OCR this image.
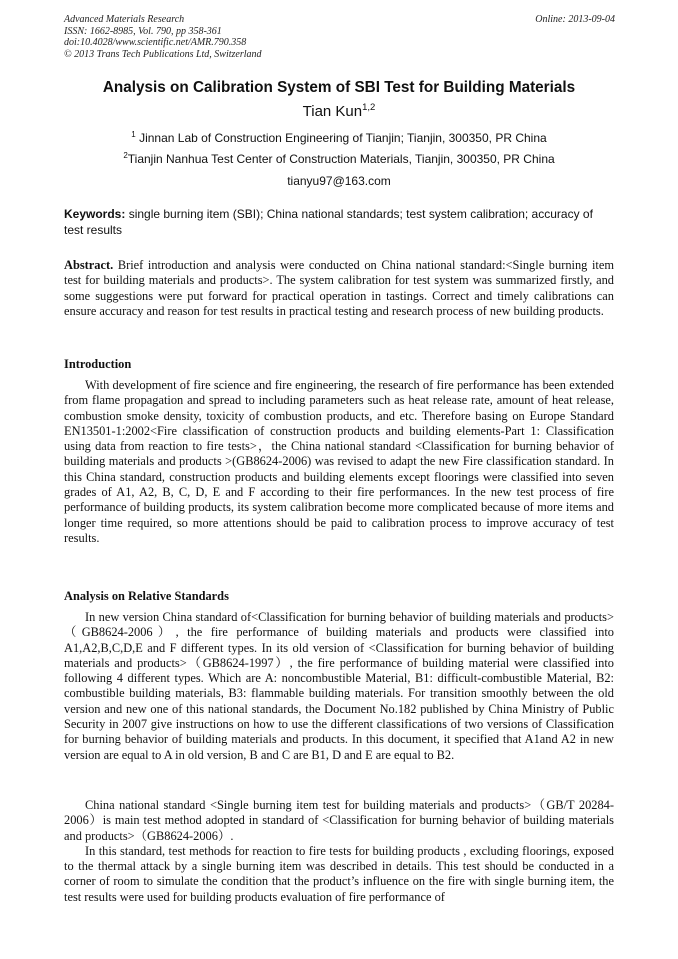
Advanced Materials Research
ISSN: 1662-8985, Vol. 790, pp 358-361
doi:10.4028/www.scientific.net/AMR.790.358
© 2013 Trans Tech Publications Ltd, Switzerland
Online: 2013-09-04
Analysis on Calibration System of SBI Test for Building Materials
Tian Kun$^{1,2}$
$^1$ Jinnan Lab of Construction Engineering of Tianjin; Tianjin, 300350, PR China
$^2$Tianjin Nanhua Test Center of Construction Materials, Tianjin, 300350, PR China
tianyu97@163.com
Keywords: single burning item (SBI); China national standards; test system calibration; accuracy of test results

Abstract. Brief introduction and analysis were conducted on China national standard:<Single burning item test for building materials and products>. The system calibration for test system was summarized firstly, and some suggestions were put forward for practical operation in tastings. Correct and timely calibrations can ensure accuracy and reason for test results in practical testing and research process of new building products.

Introduction

With development of fire science and fire engineering, the research of fire performance has been extended from flame propagation and spread to including parameters such as heat release rate, amount of heat release, combustion smoke density, toxicity of combustion products, and etc. Therefore basing on Europe Standard EN13501-1:2002<Fire classification of construction products and building elements-Part 1: Classification using data from reaction to fire tests>，the China national standard <Classification for burning behavior of building materials and products >(GB8624-2006) was revised to adapt the new Fire classification standard. In this China standard, construction products and building elements except floorings were classified into seven grades of A1, A2, B, C, D, E and F according to their fire performances. In the new test process of fire performance of building products, its system calibration become more complicated because of more items and longer time required, so more attentions should be paid to calibration process to improve accuracy of test results.

Analysis on Relative Standards

In new version China standard of<Classification for burning behavior of building materials and products>（GB8624-2006）, the fire performance of building materials and products were classified into A1,A2,B,C,D,E and F different types. In its old version of <Classification for burning behavior of building materials and products>（GB8624-1997）, the fire performance of building material were classified into following 4 different types. Which are A: noncombustible Material, B1: difficult-combustible Material, B2: combustible building materials, B3: flammable building materials. For transition smoothly between the old version and new one of this national standards, the Document No.182 published by China Ministry of Public Security in 2007 give instructions on how to use the different classifications of two versions of Classification for burning behavior of building materials and products. In this document, it specified that A1and A2 in new version are equal to A in old version, B and C are B1, D and E are equal to B2.

China national standard <Single burning item test for building materials and products>（GB/T 20284-2006）is main test method adopted in standard of <Classification for burning behavior of building materials and products>（GB8624-2006）.

In this standard, test methods for reaction to fire tests for building products , excluding floorings, exposed to the thermal attack by a single burning item was described in details. This test should be conducted in a corner of room to simulate the condition that the product’s influence on the fire with single burning item, the test results were used for building products evaluation of fire performance of
